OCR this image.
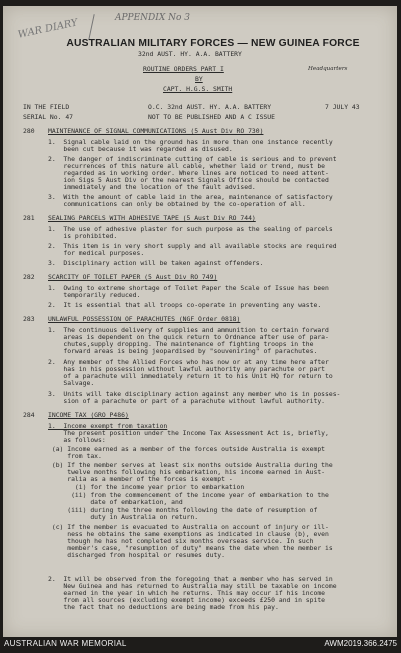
APPENDIX No 3
WAR DIARY
AUSTRALIAN MILITARY FORCES — NEW GUINEA FORCE
32nd AUST. HY. A.A. BATTERY
ROUTINE ORDERS PART I	Headquarters
BY
CAPT. H.G.S. SMITH
IN THE FIELD	O.C. 32nd AUST. HY. A.A. BATTERY	7 JULY 43
SERIAL No. 47	NOT TO BE PUBLISHED AND A C ISSUE
280 MAINTENANCE OF SIGNAL COMMUNICATIONS (5 Aust Div RO 730)
1.  Signal cable laid on the ground has in more than one instance recently
been cut because it was regarded as disused.
2.  The danger of indiscriminate cutting of cable is serious and to prevent
recurrences of this nature all cable, whether laid or trend, must be
regarded as in working order. Where lines are noticed to need attent-
ion Sigs 5 Aust Div or the nearest Signals Office should be contacted
immediately and the location of the fault advised.
3.  With the amount of cable laid in the area, maintenance of satisfactory
communications can only be obtained by the co-operation of all.
281 SEALING PARCELS WITH ADHESIVE TAPE (5 Aust Div RO 744)
1.  The use of adhesive plaster for such purpose as the sealing of parcels
is prohibited.
2.  This item is in very short supply and all available stocks are required
for medical purposes.
3.  Disciplinary action will be taken against offenders.
282 SCARCITY OF TOILET PAPER (5 Aust Div RO 749)
1.  Owing to extreme shortage of Toilet Paper the Scale of Issue has been
temporarily reduced.
2.  It is essential that all troops co-operate in preventing any waste.
283 UNLAWFUL POSSESSION OF PARACHUTES (NGF Order 0818)
1.  The continuous delivery of supplies and ammunition to certain forward
areas is dependent on the quick return to Ordnance after use of para-
chutes,supply dropping. The maintenance of fighting troops in the
forward areas is being jeopardised by "souveniring" of parachutes.
2.  Any member of the Allied Forces who has now or at any time here after
has in his possession without lawful authority any parachute or part
of a parachute will immediately return it to his Unit HQ for return to
Salvage.
3.  Units will take disciplinary action against any member who is in posses-
sion of a parachute or part of a parachute without lawful authority.
284 INCOME TAX (GRO P486)
1.  Income exempt from taxation
The present position under the Income Tax Assessment Act is, briefly,
as follows:
(a) Income earned as a member of the forces outside Australia is exempt
from tax.
(b) If the member serves at least six months outside Australia during the
twelve months following his embarkation, his income earned in Aust-
ralia as a member of the forces is exempt -
(i) for the income year prior to embarkation
(ii) from the commencement of the income year of embarkation to the
date of embarkation, and
(iii) during the three months following the date of resumption of
duty in Australia on return.
(c) If the member is evacuated to Australia on account of injury or ill-
ness he obtains the same exemptions as indicated in clause (b), even
though he has not completed six months overseas service. In such
member's case, "resumption of duty" means the date when the member is
discharged from hospital or resumes duty.
2.  It will be observed from the foregoing that a member who has served in
New Guinea and has returned to Australia may still be taxable on income
earned in the year in which he returns. This may occur if his income
from all sources (excluding exempt income) exceeds £250 and in spite
the fact that no deductions are being made from his pay.
AUSTRALIAN WAR MEMORIAL	AWM2019.366.2475
